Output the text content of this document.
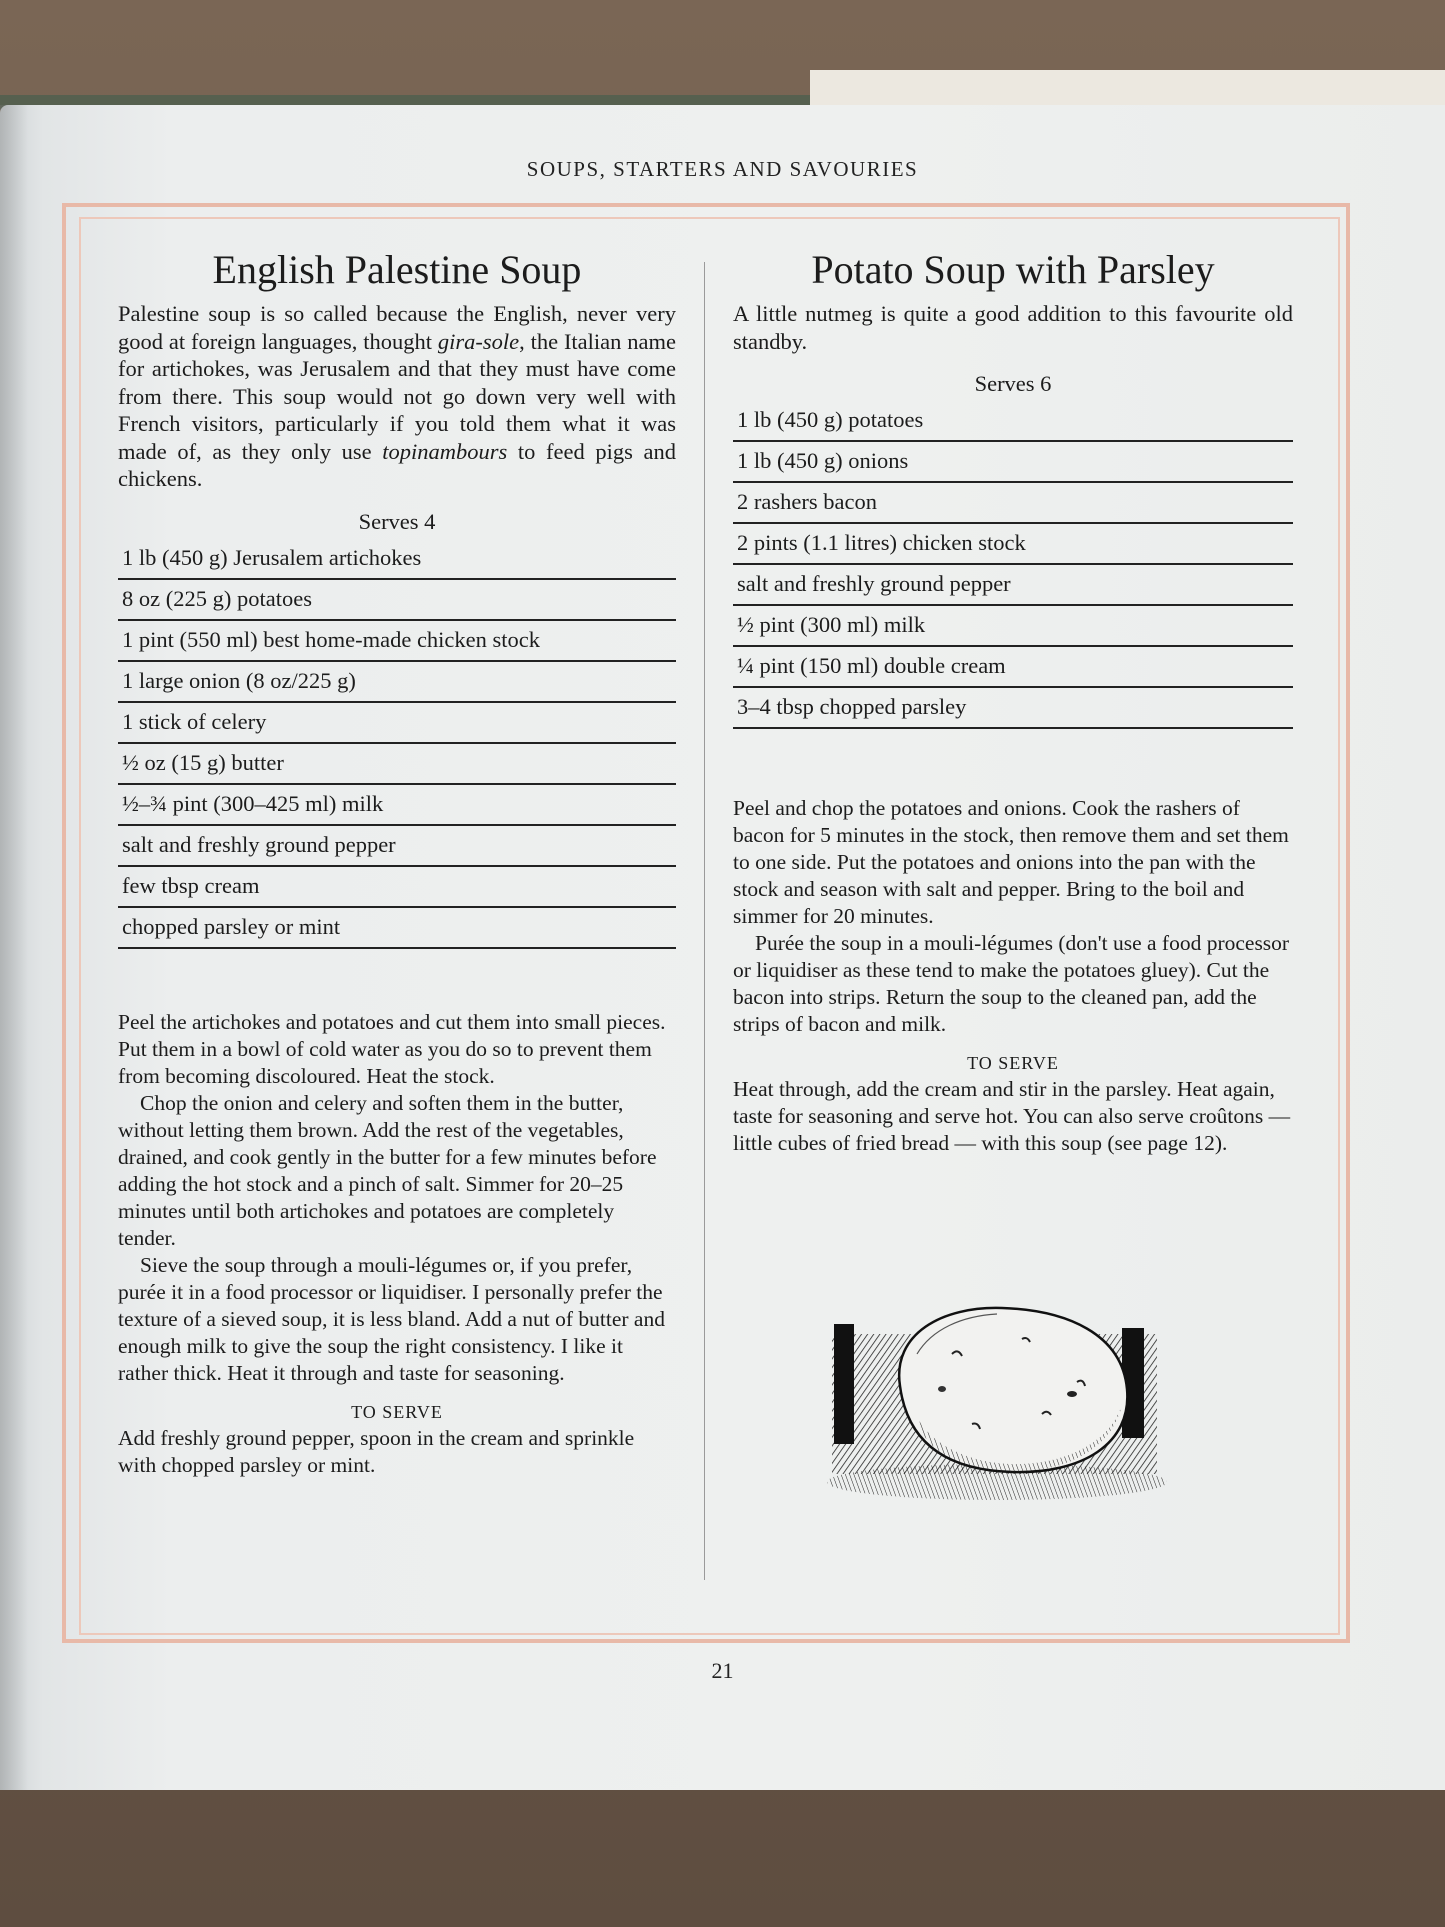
SOUPS, STARTERS AND SAVOURIES
English Palestine Soup

Palestine soup is so called because the English, never very good at foreign languages, thought gira-sole, the Italian name for artichokes, was Jerusalem and that they must have come from there. This soup would not go down very well with French visitors, particularly if you told them what it was made of, as they only use topinambours to feed pigs and chickens.

Serves 4
1 lb (450 g) Jerusalem artichokes
8 oz (225 g) potatoes
1 pint (550 ml) best home-made chicken stock
1 large onion (8 oz/225 g)
1 stick of celery
½ oz (15 g) butter
½–¾ pint (300–425 ml) milk
salt and freshly ground pepper
few tbsp cream
chopped parsley or mint

Peel the artichokes and potatoes and cut them into small pieces. Put them in a bowl of cold water as you do so to prevent them from becoming discoloured. Heat the stock.

Chop the onion and celery and soften them in the butter, without letting them brown. Add the rest of the vegetables, drained, and cook gently in the butter for a few minutes before adding the hot stock and a pinch of salt. Simmer for 20–25 minutes until both artichokes and potatoes are completely tender.

Sieve the soup through a mouli-légumes or, if you prefer, purée it in a food processor or liquidiser. I personally prefer the texture of a sieved soup, it is less bland. Add a nut of butter and enough milk to give the soup the right consistency. I like it rather thick. Heat it through and taste for seasoning.

TO SERVE
Add freshly ground pepper, spoon in the cream and sprinkle with chopped parsley or mint.
Potato Soup with Parsley

A little nutmeg is quite a good addition to this favourite old standby.

Serves 6
1 lb (450 g) potatoes
1 lb (450 g) onions
2 rashers bacon
2 pints (1.1 litres) chicken stock
salt and freshly ground pepper
½ pint (300 ml) milk
¼ pint (150 ml) double cream
3–4 tbsp chopped parsley

Peel and chop the potatoes and onions. Cook the rashers of bacon for 5 minutes in the stock, then remove them and set them to one side. Put the potatoes and onions into the pan with the stock and season with salt and pepper. Bring to the boil and simmer for 20 minutes.

Purée the soup in a mouli-légumes (don't use a food processor or liquidiser as these tend to make the potatoes gluey). Cut the bacon into strips. Return the soup to the cleaned pan, add the strips of bacon and milk.

TO SERVE
Heat through, add the cream and stir in the parsley. Heat again, taste for seasoning and serve hot. You can also serve croûtons — little cubes of fried bread — with this soup (see page 12).
21
